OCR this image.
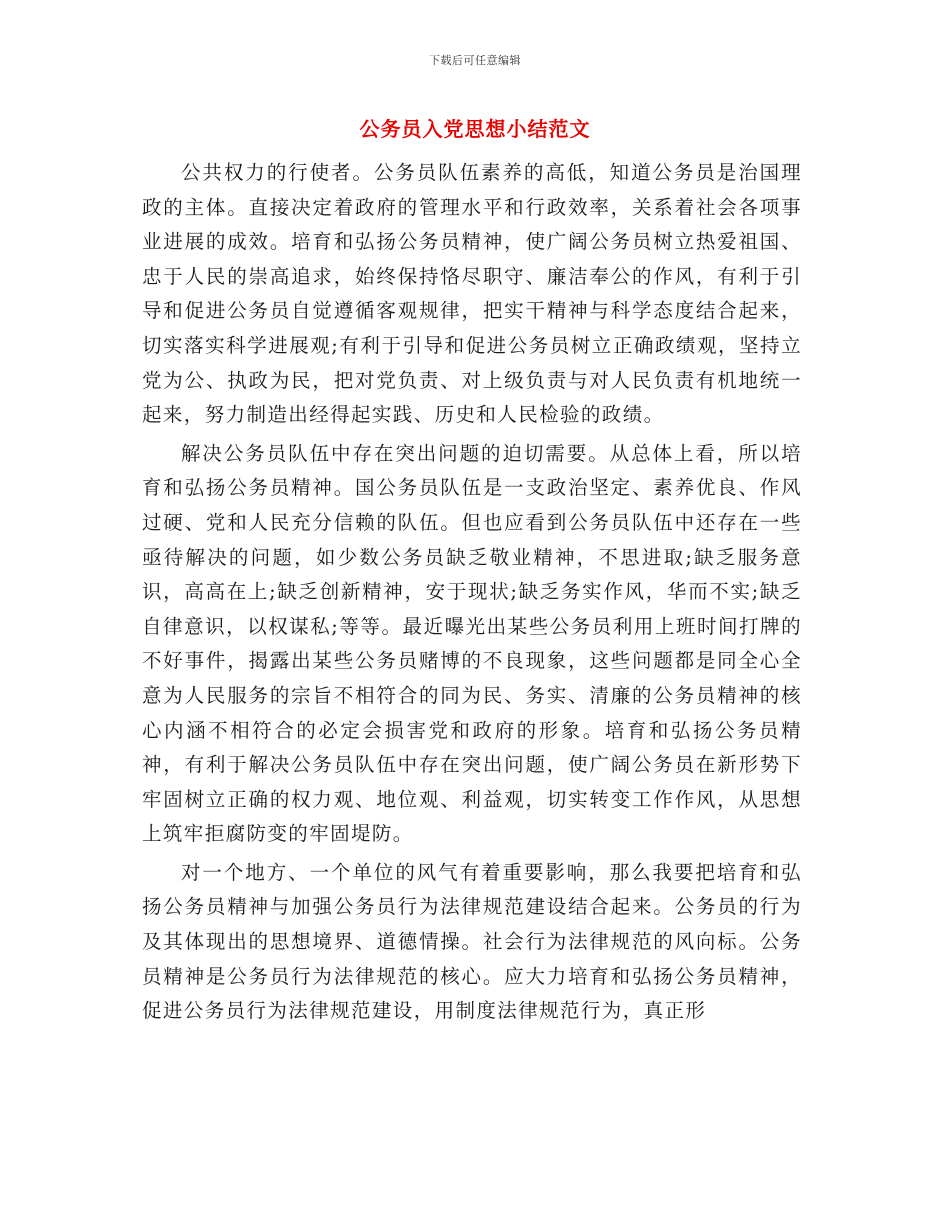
下载后可任意编辑
公务员入党思想小结范文

公共权力的行使者。公务员队伍素养的高低，知道公务员是治国理政的主体。直接决定着政府的管理水平和行政效率，关系着社会各项事业进展的成效。培育和弘扬公务员精神，使广阔公务员树立热爱祖国、忠于人民的崇高追求，始终保持恪尽职守、廉洁奉公的作风，有利于引导和促进公务员自觉遵循客观规律，把实干精神与科学态度结合起来，切实落实科学进展观;有利于引导和促进公务员树立正确政绩观，坚持立党为公、执政为民，把对党负责、对上级负责与对人民负责有机地统一起来，努力制造出经得起实践、历史和人民检验的政绩。

解决公务员队伍中存在突出问题的迫切需要。从总体上看，所以培育和弘扬公务员精神。国公务员队伍是一支政治坚定、素养优良、作风过硬、党和人民充分信赖的队伍。但也应看到公务员队伍中还存在一些亟待解决的问题，如少数公务员缺乏敬业精神，不思进取;缺乏服务意识，高高在上;缺乏创新精神，安于现状;缺乏务实作风，华而不实;缺乏自律意识，以权谋私;等等。最近曝光出某些公务员利用上班时间打牌的不好事件，揭露出某些公务员赌博的不良现象，这些问题都是同全心全意为人民服务的宗旨不相符合的同为民、务实、清廉的公务员精神的核心内涵不相符合的必定会损害党和政府的形象。培育和弘扬公务员精神，有利于解决公务员队伍中存在突出问题，使广阔公务员在新形势下牢固树立正确的权力观、地位观、利益观，切实转变工作作风，从思想上筑牢拒腐防变的牢固堤防。

对一个地方、一个单位的风气有着重要影响，那么我要把培育和弘扬公务员精神与加强公务员行为法律规范建设结合起来。公务员的行为及其体现出的思想境界、道德情操。社会行为法律规范的风向标。公务员精神是公务员行为法律规范的核心。应大力培育和弘扬公务员精神，促进公务员行为法律规范建设，用制度法律规范行为，真正形
